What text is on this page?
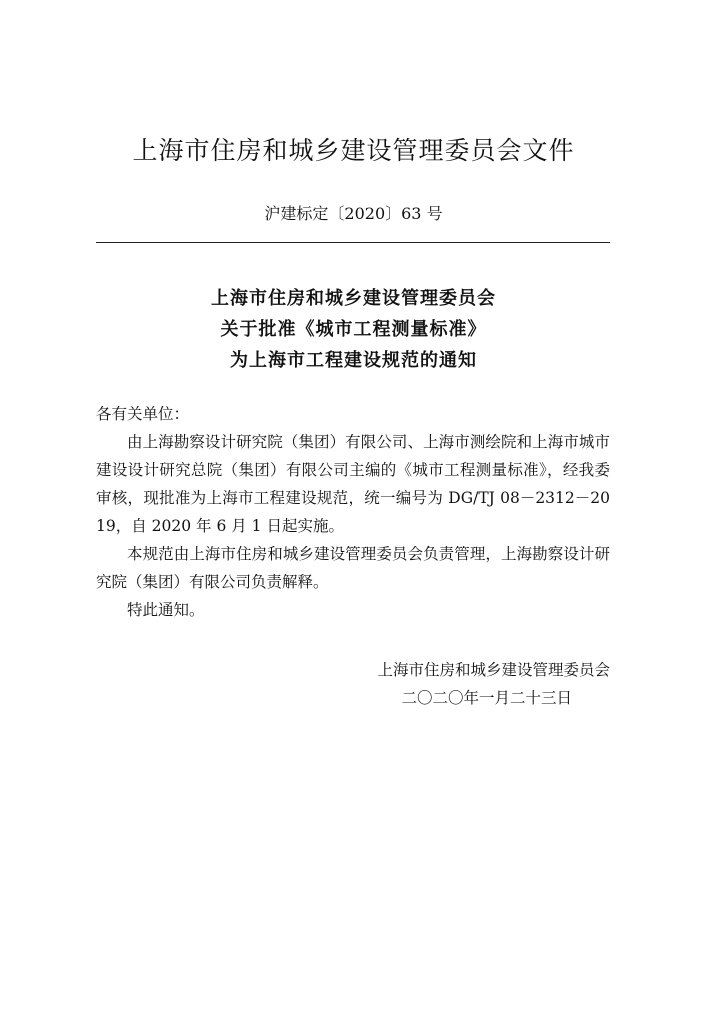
上海市住房和城乡建设管理委员会文件
沪建标定〔2020〕63 号
上海市住房和城乡建设管理委员会
关于批准《城市工程测量标准》
为上海市工程建设规范的通知
各有关单位：

由上海勘察设计研究院（集团）有限公司、上海市测绘院和上海市城市建设设计研究总院（集团）有限公司主编的《城市工程测量标准》，经我委审核，现批准为上海市工程建设规范，统一编号为 DG/TJ 08－2312－2019，自 2020 年 6 月 1 日起实施。

本规范由上海市住房和城乡建设管理委员会负责管理，上海勘察设计研究院（集团）有限公司负责解释。

特此通知。

上海市住房和城乡建设管理委员会
二〇二〇年一月二十三日
